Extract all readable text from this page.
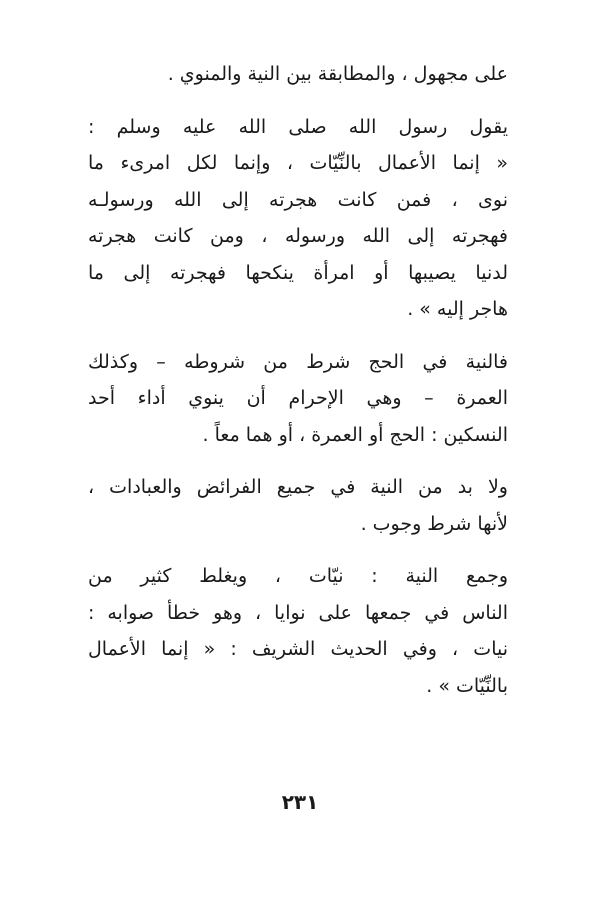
على مجهول ، والمطابقة بين النية والمنوي .
يقول رسول الله صلى الله عليه وسلم :
« إنما الأعمال بالنِّيّات ، وإنما لكل امرىء ما
نوى ، فمن كانت هجرته إلى الله ورسولـه
فهجرته إلى الله ورسوله ، ومن كانت هجرته
لدنيا يصيبها أو امرأة ينكحها فهجرته إلى ما
هاجر إليه » .
فالنية في الحج شرط من شروطه – وكذلك
العمرة – وهي الإحرام أن ينوي أداء أحد
النسكين : الحج أو العمرة ، أو هما معاً .
ولا بد من النية في جميع الفرائض والعبادات ،
لأنها شرط وجوب .
وجمع النية : نيّات ، ويغلط كثير من
الناس في جمعها على نوايا ، وهو خطأ صوابه :
نيات ، وفي الحديث الشريف : « إنما الأعمال
بالنِّيّات » .
٢٣١
